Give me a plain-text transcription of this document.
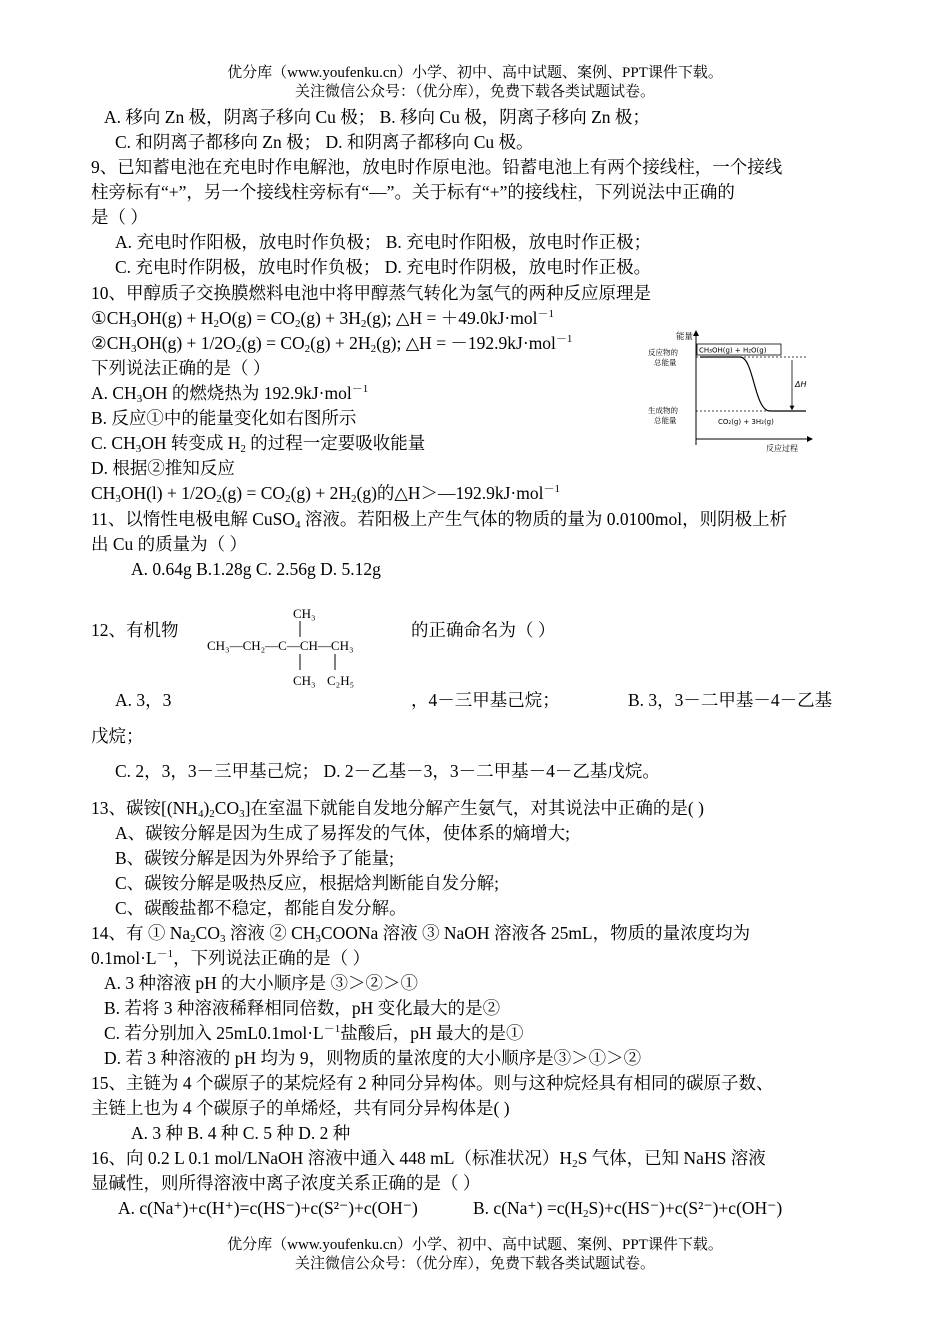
优分库（www.youfenku.cn）小学、初中、高中试题、案例、PPT课件下载。
关注微信公众号：（优分库），免费下载各类试题试卷。
A. 移向 Zn 极，阴离子移向 Cu 极； B. 移向 Cu 极，阴离子移向 Zn 极；
C. 和阴离子都移向 Zn 极； D. 和阴离子都移向 Cu 极。
9、已知蓄电池在充电时作电解池，放电时作原电池。铅蓄电池上有两个接线柱，一个接线
柱旁标有“+”，另一个接线柱旁标有“—”。关于标有“+”的接线柱，下列说法中正确的
是（ ）
A. 充电时作阳极，放电时作负极； B. 充电时作阳极，放电时作正极；
C. 充电时作阴极，放电时作负极； D. 充电时作阴极，放电时作正极。
10、甲醇质子交换膜燃料电池中将甲醇蒸气转化为氢气的两种反应原理是
$①CH_3OH(g) + H_2O(g) = CO_2(g) + 3H_2(g)$; △H = ＋49.0kJ·mol$^{-1}$
$②CH_3OH(g) + 1/2O_2(g) = CO_2(g) + 2H_2(g)$; △H = －192.9kJ·mol$^{-1}$
下列说法正确的是（ ）
A. $CH_3OH$ 的燃烧热为 192.9kJ·mol$^{-1}$
B. 反应①中的能量变化如右图所示
C. $CH_3OH$ 转变成 $H_2$ 的过程一定要吸收能量
D. 根据②推知反应
$CH_3OH(l) + 1/2O_2(g) = CO_2(g) + 2H_2(g)$的△H＞—192.9kJ·mol$^{-1}$
能量
反应物的
总能量
生成物的
总能量
CH₃OH(g) + H₂O(g)
ΔH
CO₂(g) + 3H₂(g)
反应过程
11、以惰性电极电解 CuSO$_4$ 溶液。若阳极上产生气体的物质的量为 0.0100mol，则阴极上析
出 Cu 的质量为（ ）
A. 0.64g B.1.28g C. 2.56g D. 5.12g
12、有机物
CH₃
CH₃—CH₂—C—CH—CH₃
CH₃ C₂H₅
的正确命名为（ ）
A. 3，3	，4－三甲基己烷；	B. 3，3－二甲基－4－乙基
戊烷；
C. 2，3，3－三甲基己烷； D. 2－乙基－3，3－二甲基－4－乙基戊烷。
13、碳铵$[(NH_4)_2CO_3]$在室温下就能自发地分解产生氨气，对其说法中正确的是( )
A、碳铵分解是因为生成了易挥发的气体，使体系的熵增大;
B、碳铵分解是因为外界给予了能量;
C、碳铵分解是吸热反应，根据焓判断能自发分解;
C、碳酸盐都不稳定，都能自发分解。
14、有 ① $Na_2CO_3$ 溶液 ② $CH_3COONa$ 溶液 ③ NaOH 溶液各 25mL，物质的量浓度均为
$0.1mol\cdot L^{-1}$，下列说法正确的是（ ）
A. 3 种溶液 pH 的大小顺序是 ③＞②＞①
B. 若将 3 种溶液稀释相同倍数，pH 变化最大的是②
C. 若分别加入 $25mL0.1mol\cdot L^{-1}$盐酸后，pH 最大的是①
D. 若 3 种溶液的 pH 均为 9，则物质的量浓度的大小顺序是③＞①＞②
15、主链为 4 个碳原子的某烷烃有 2 种同分异构体。则与这种烷烃具有相同的碳原子数、
主链上也为 4 个碳原子的单烯烃，共有同分异构体是( )
A. 3 种 B. 4 种 C. 5 种 D. 2 种
16、向 0.2 L 0.1 mol/LNaOH 溶液中通入 448 mL（标准状况）$H_2S$ 气体，已知 NaHS 溶液
显碱性，则所得溶液中离子浓度关系正确的是（ ）
A. c(Na⁺)+c(H⁺)=c(HS⁻)+c(S²⁻)+c(OH⁻)	B. $c(Na^+) =c(H_2S)+c(HS^-)+c(S^{2-})+c(OH^-)$
优分库（www.youfenku.cn）小学、初中、高中试题、案例、PPT课件下载。
关注微信公众号：（优分库），免费下载各类试题试卷。
